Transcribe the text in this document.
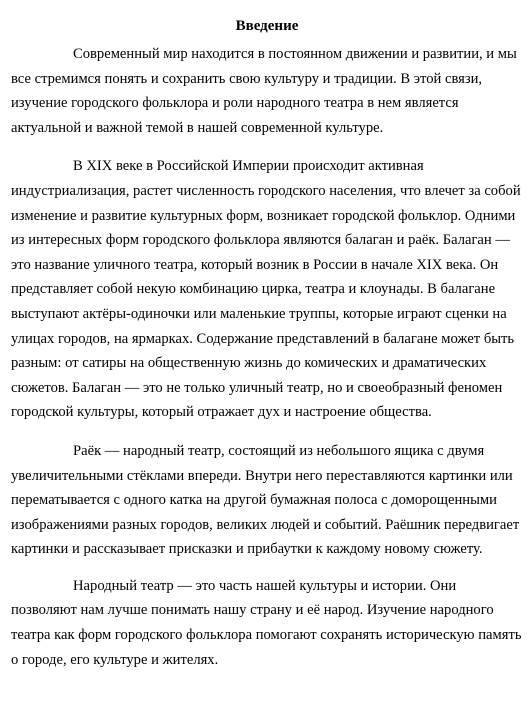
Введение

Современный мир находится в постоянном движении и развитии, и мы все стремимся понять и сохранить свою культуру и традиции. В этой связи, изучение городского фольклора и роли народного театра в нем является актуальной и важной темой в нашей современной культуре.

В XIX веке в Российской Империи происходит активная индустриализация, растет численность городского населения, что влечет за собой изменение и развитие культурных форм, возникает городской фольклор. Одними из интересных форм городского фольклора являются балаган и раёк. Балаган — это название уличного театра, который возник в России в начале XIX века. Он представляет собой некую комбинацию цирка, театра и клоунады. В балагане выступают актёры-одиночки или маленькие труппы, которые играют сценки на улицах городов, на ярмарках. Содержание представлений в балагане может быть разным: от сатиры на общественную жизнь до комических и драматических сюжетов. Балаган — это не только уличный театр, но и своеобразный феномен городской культуры, который отражает дух и настроение общества.

Раёк — народный театр, состоящий из небольшого ящика с двумя увеличительными стёклами впереди. Внутри него переставляются картинки или перематывается с одного катка на другой бумажная полоса с доморощенными изображениями разных городов, великих людей и событий. Раёшник передвигает картинки и рассказывает присказки и прибаутки к каждому новому сюжету.

Народный театр — это часть нашей культуры и истории. Они позволяют нам лучше понимать нашу страну и её народ. Изучение народного театра как форм городского фольклора помогают сохранять историческую память о городе, его культуре и жителях.
